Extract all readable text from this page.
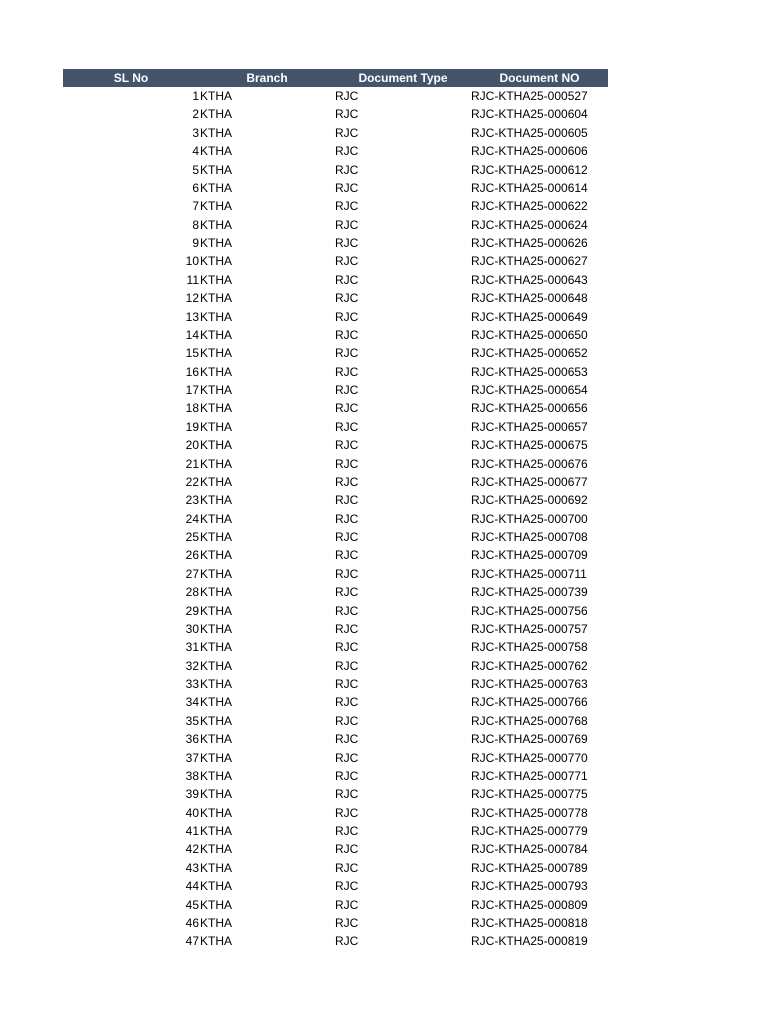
SL No	Branch	Document Type	Document NO
1 KTHA	RJC	RJC-KTHA25-000527
2 KTHA	RJC	RJC-KTHA25-000604
3 KTHA	RJC	RJC-KTHA25-000605
4 KTHA	RJC	RJC-KTHA25-000606
5 KTHA	RJC	RJC-KTHA25-000612
6 KTHA	RJC	RJC-KTHA25-000614
7 KTHA	RJC	RJC-KTHA25-000622
8 KTHA	RJC	RJC-KTHA25-000624
9 KTHA	RJC	RJC-KTHA25-000626
10 KTHA	RJC	RJC-KTHA25-000627
11 KTHA	RJC	RJC-KTHA25-000643
12 KTHA	RJC	RJC-KTHA25-000648
13 KTHA	RJC	RJC-KTHA25-000649
14 KTHA	RJC	RJC-KTHA25-000650
15 KTHA	RJC	RJC-KTHA25-000652
16 KTHA	RJC	RJC-KTHA25-000653
17 KTHA	RJC	RJC-KTHA25-000654
18 KTHA	RJC	RJC-KTHA25-000656
19 KTHA	RJC	RJC-KTHA25-000657
20 KTHA	RJC	RJC-KTHA25-000675
21 KTHA	RJC	RJC-KTHA25-000676
22 KTHA	RJC	RJC-KTHA25-000677
23 KTHA	RJC	RJC-KTHA25-000692
24 KTHA	RJC	RJC-KTHA25-000700
25 KTHA	RJC	RJC-KTHA25-000708
26 KTHA	RJC	RJC-KTHA25-000709
27 KTHA	RJC	RJC-KTHA25-000711
28 KTHA	RJC	RJC-KTHA25-000739
29 KTHA	RJC	RJC-KTHA25-000756
30 KTHA	RJC	RJC-KTHA25-000757
31 KTHA	RJC	RJC-KTHA25-000758
32 KTHA	RJC	RJC-KTHA25-000762
33 KTHA	RJC	RJC-KTHA25-000763
34 KTHA	RJC	RJC-KTHA25-000766
35 KTHA	RJC	RJC-KTHA25-000768
36 KTHA	RJC	RJC-KTHA25-000769
37 KTHA	RJC	RJC-KTHA25-000770
38 KTHA	RJC	RJC-KTHA25-000771
39 KTHA	RJC	RJC-KTHA25-000775
40 KTHA	RJC	RJC-KTHA25-000778
41 KTHA	RJC	RJC-KTHA25-000779
42 KTHA	RJC	RJC-KTHA25-000784
43 KTHA	RJC	RJC-KTHA25-000789
44 KTHA	RJC	RJC-KTHA25-000793
45 KTHA	RJC	RJC-KTHA25-000809
46 KTHA	RJC	RJC-KTHA25-000818
47 KTHA	RJC	RJC-KTHA25-000819
